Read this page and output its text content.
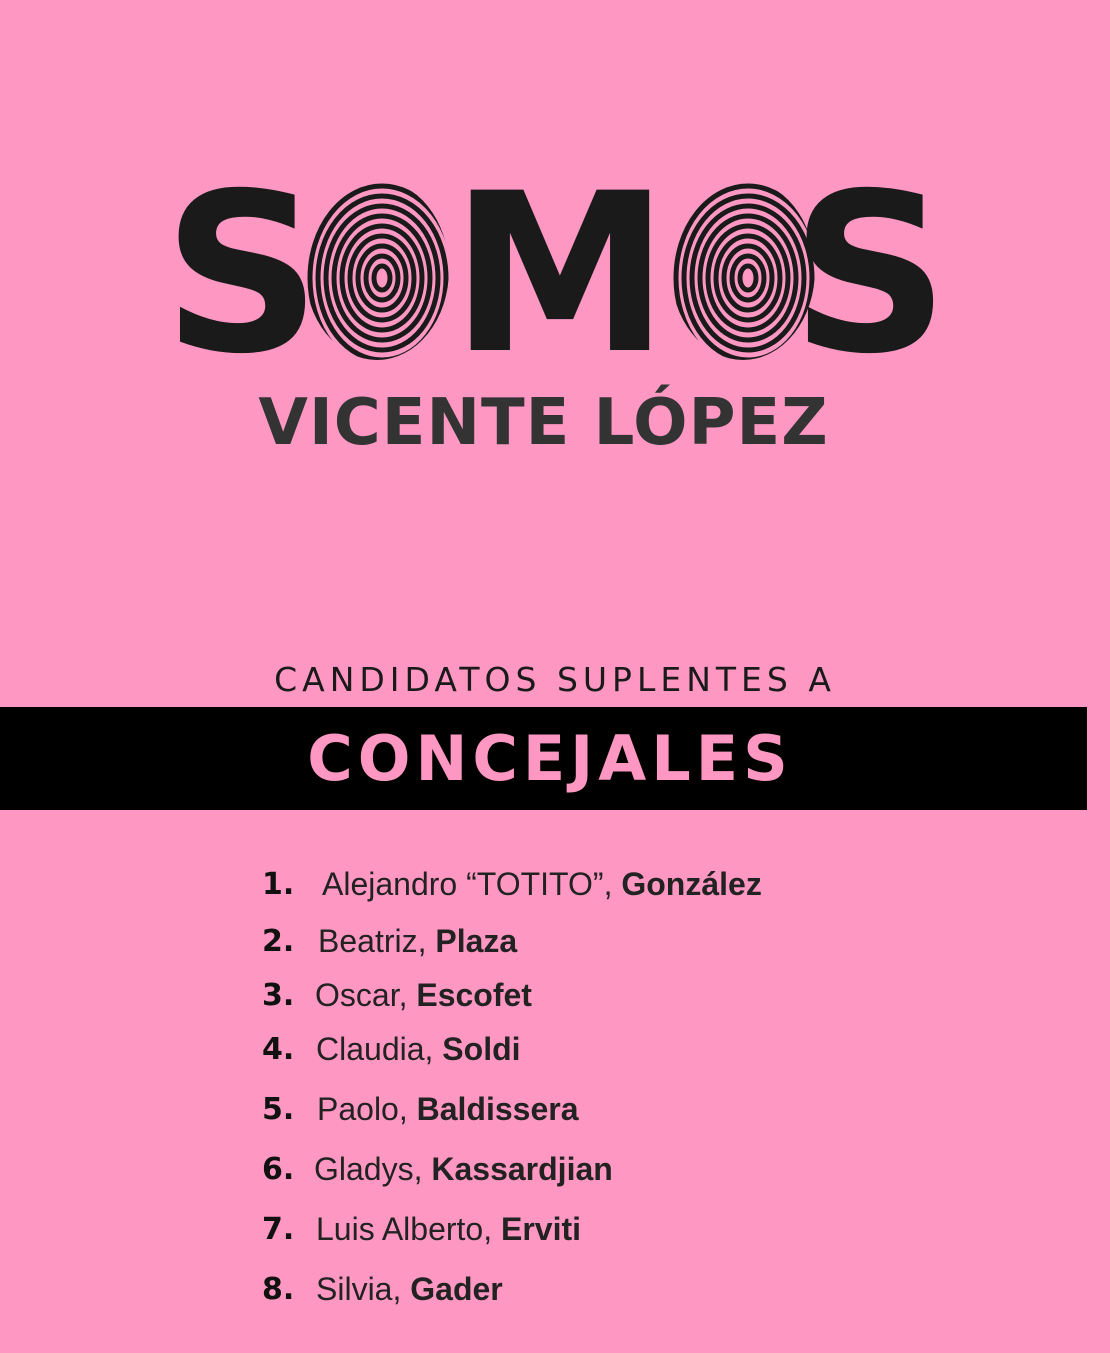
S M S
VICENTE LÓPEZ

CANDIDATOS SUPLENTES A

CONCEJALES
1. Alejandro “TOTITO”, González
2. Beatriz, Plaza
3. Oscar, Escofet
4. Claudia, Soldi
5. Paolo, Baldissera
6. Gladys, Kassardjian
7. Luis Alberto, Erviti
8. Silvia, Gader
